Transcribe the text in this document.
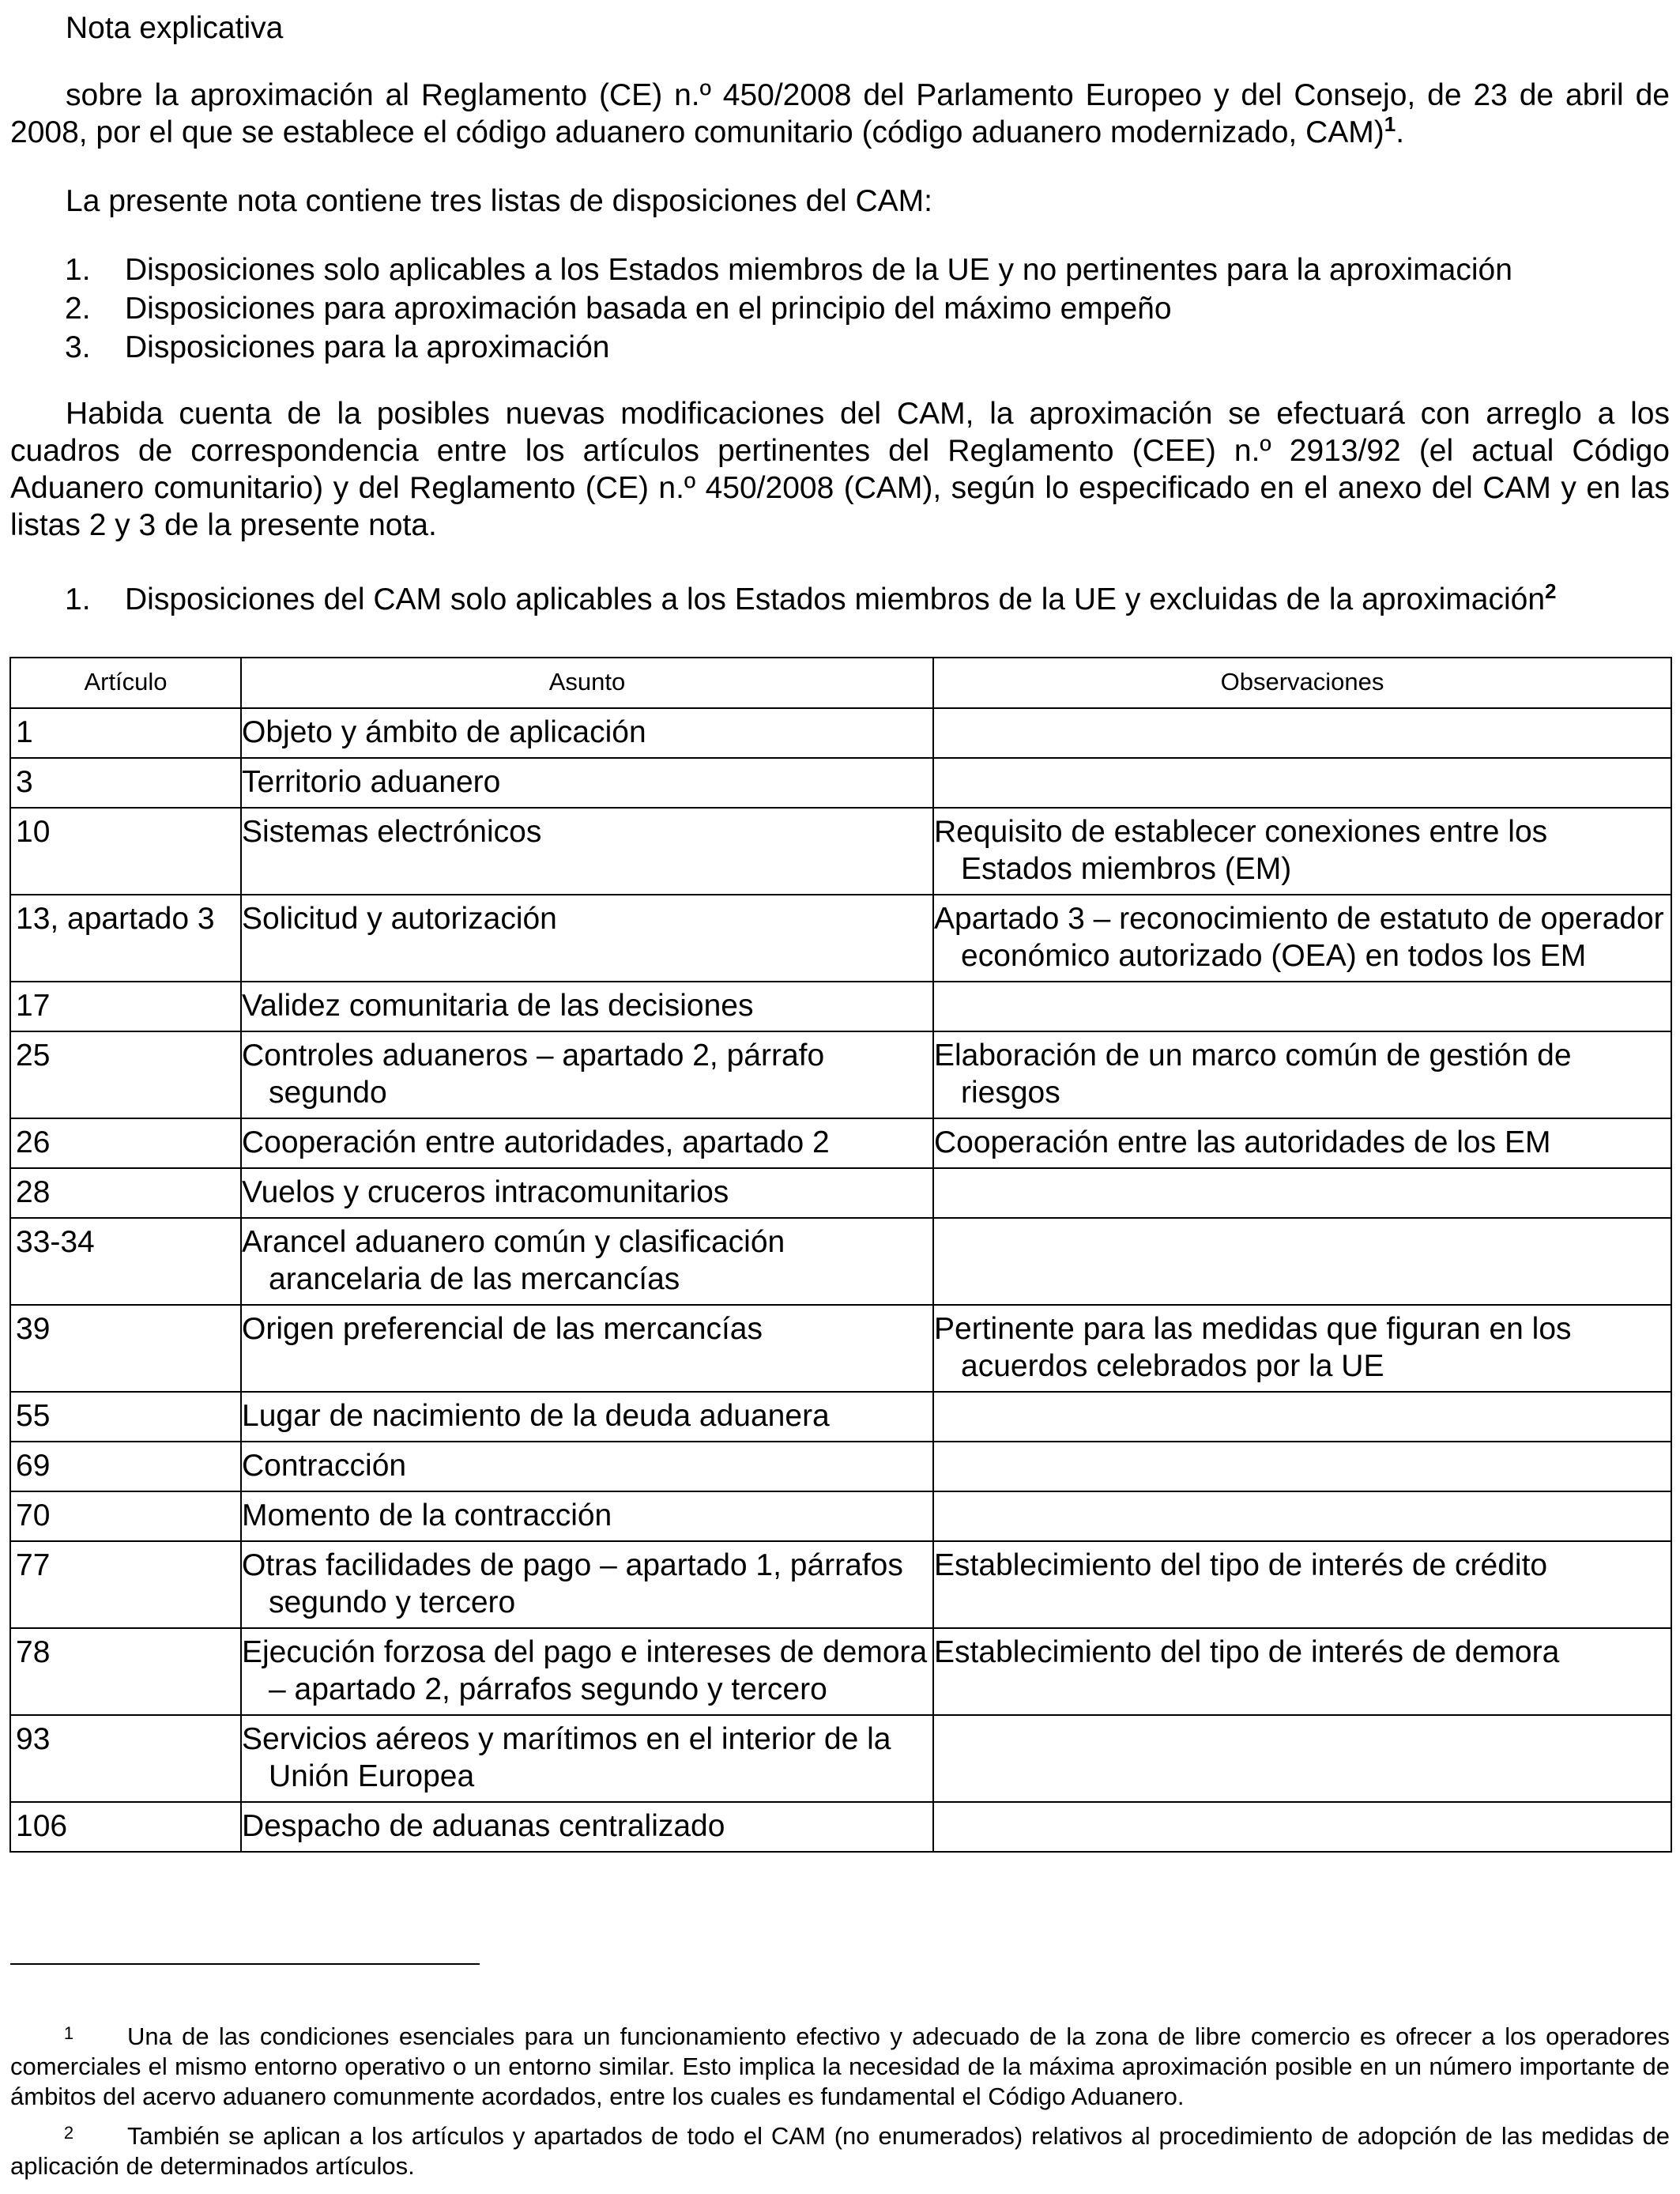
Nota explicativa
sobre la aproximación al Reglamento (CE) n.º 450/2008 del Parlamento Europeo y del Consejo, de 23 de abril de 2008, por el que se establece el código aduanero comunitario (código aduanero modernizado, CAM)$^1$.
La presente nota contiene tres listas de disposiciones del CAM:
1. Disposiciones solo aplicables a los Estados miembros de la UE y no pertinentes para la aproximación
2. Disposiciones para aproximación basada en el principio del máximo empeño
3. Disposiciones para la aproximación
Habida cuenta de la posibles nuevas modificaciones del CAM, la aproximación se efectuará con arreglo a los cuadros de correspondencia entre los artículos pertinentes del Reglamento (CEE) n.º 2913/92 (el actual Código Aduanero comunitario) y del Reglamento (CE) n.º 450/2008 (CAM), según lo especificado en el anexo del CAM y en las listas 2 y 3 de la presente nota.
1. Disposiciones del CAM solo aplicables a los Estados miembros de la UE y excluidas de la aproximación$^2$
Artículo	Asunto	Observaciones
1	Objeto y ámbito de aplicación	
3	Territorio aduanero	
10	Sistemas electrónicos	Requisito de establecer conexiones entre los Estados miembros (EM)
13, apartado 3	Solicitud y autorización	Apartado 3 – reconocimiento de estatuto de operador económico autorizado (OEA) en todos los EM
17	Validez comunitaria de las decisiones	
25	Controles aduaneros – apartado 2, párrafo segundo	Elaboración de un marco común de gestión de riesgos
26	Cooperación entre autoridades, apartado 2	Cooperación entre las autoridades de los EM
28	Vuelos y cruceros intracomunitarios	
33-34	Arancel aduanero común y clasificación arancelaria de las mercancías	
39	Origen preferencial de las mercancías	Pertinente para las medidas que figuran en los acuerdos celebrados por la UE
55	Lugar de nacimiento de la deuda aduanera	
69	Contracción	
70	Momento de la contracción	
77	Otras facilidades de pago – apartado 1, párrafos segundo y tercero	Establecimiento del tipo de interés de crédito
78	Ejecución forzosa del pago e intereses de demora – apartado 2, párrafos segundo y tercero	Establecimiento del tipo de interés de demora
93	Servicios aéreos y marítimos en el interior de la Unión Europea	
106	Despacho de aduanas centralizado	
1 Una de las condiciones esenciales para un funcionamiento efectivo y adecuado de la zona de libre comercio es ofrecer a los operadores comerciales el mismo entorno operativo o un entorno similar. Esto implica la necesidad de la máxima aproximación posible en un número importante de ámbitos del acervo aduanero comunmente acordados, entre los cuales es fundamental el Código Aduanero.
2 También se aplican a los artículos y apartados de todo el CAM (no enumerados) relativos al procedimiento de adopción de las medidas de aplicación de determinados artículos.
